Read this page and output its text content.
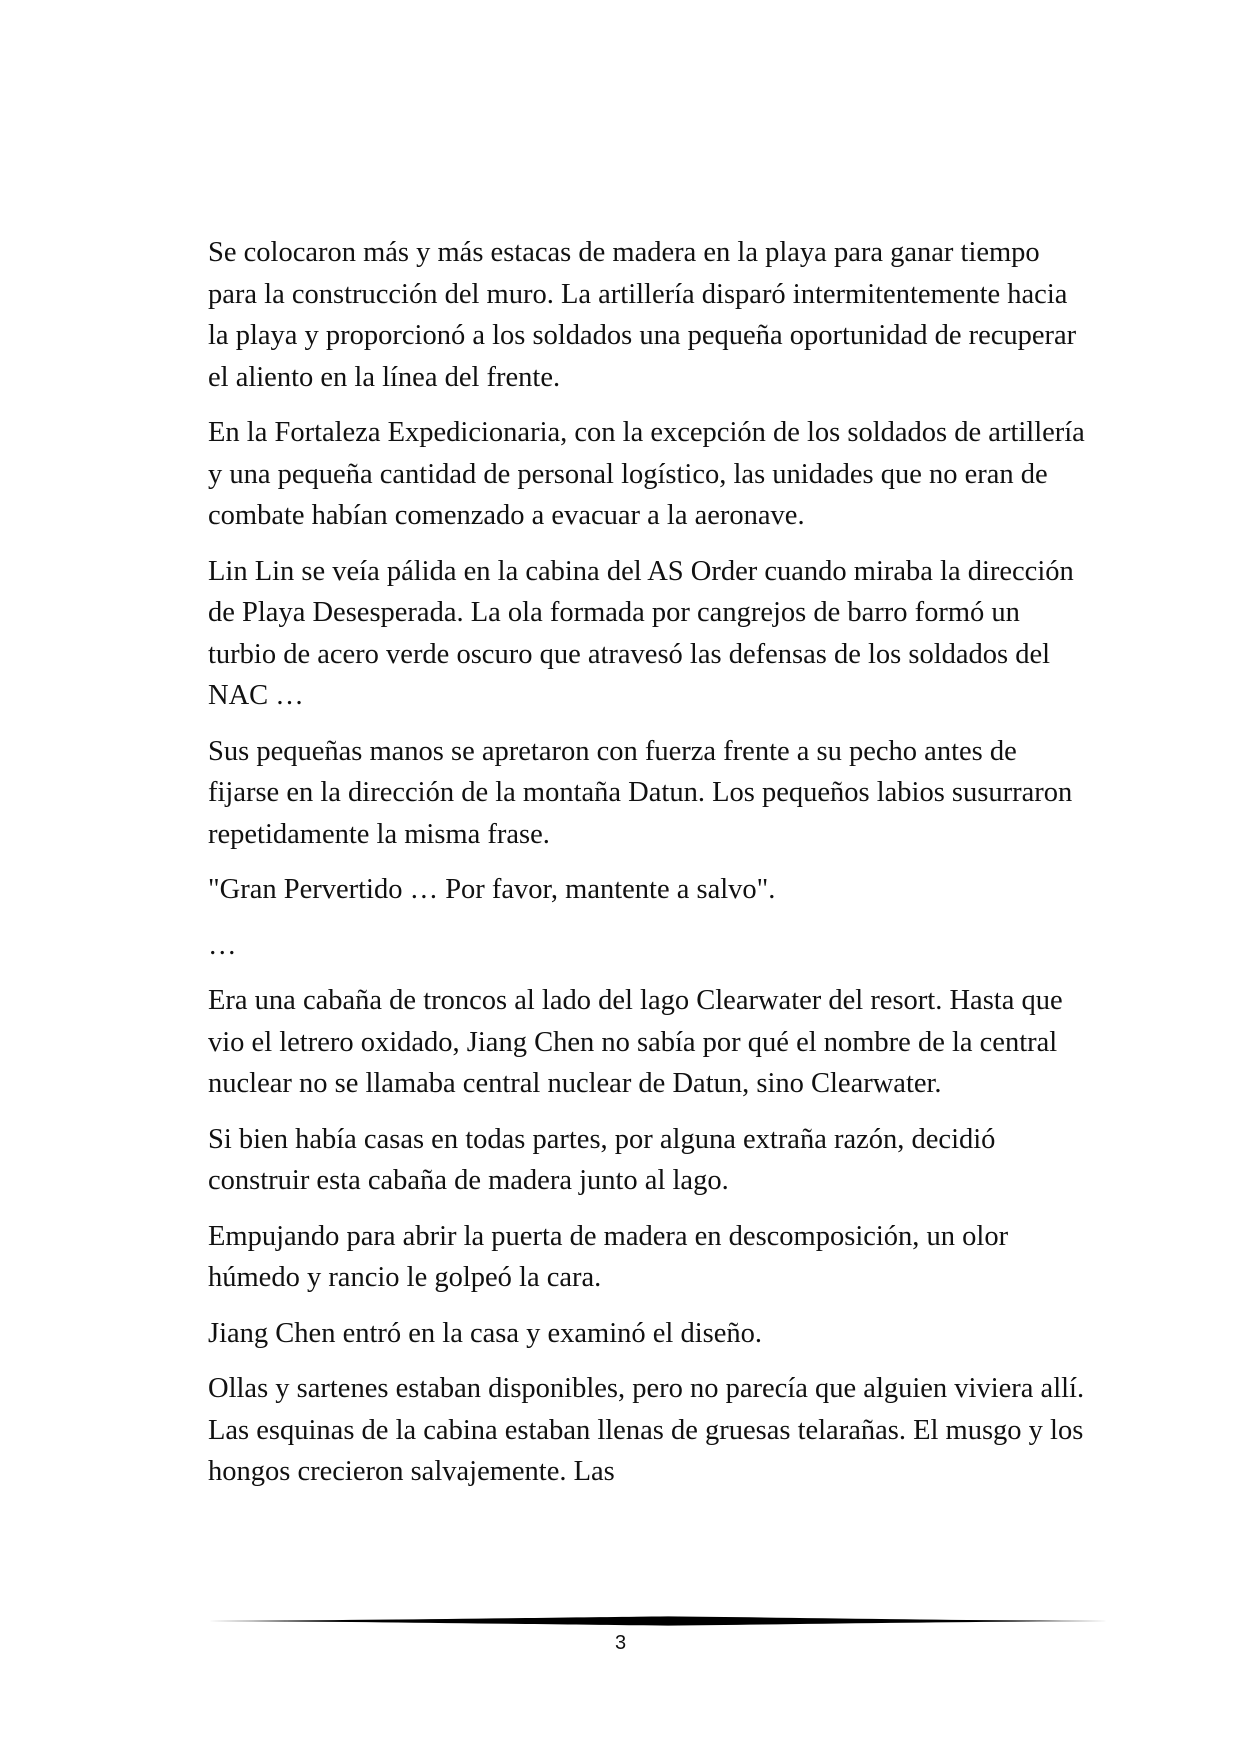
Se colocaron más y más estacas de madera en la playa para ganar tiempo para la construcción del muro. La artillería disparó intermitentemente hacia la playa y proporcionó a los soldados una pequeña oportunidad de recuperar el aliento en la línea del frente.

En la Fortaleza Expedicionaria, con la excepción de los soldados de artillería y una pequeña cantidad de personal logístico, las unidades que no eran de combate habían comenzado a evacuar a la aeronave.

Lin Lin se veía pálida en la cabina del AS Order cuando miraba la dirección de Playa Desesperada. La ola formada por cangrejos de barro formó un turbio de acero verde oscuro que atravesó las defensas de los soldados del NAC …

Sus pequeñas manos se apretaron con fuerza frente a su pecho antes de fijarse en la dirección de la montaña Datun. Los pequeños labios susurraron repetidamente la misma frase.

"Gran Pervertido … Por favor, mantente a salvo".

…

Era una cabaña de troncos al lado del lago Clearwater del resort. Hasta que vio el letrero oxidado, Jiang Chen no sabía por qué el nombre de la central nuclear no se llamaba central nuclear de Datun, sino Clearwater.

Si bien había casas en todas partes, por alguna extraña razón, decidió construir esta cabaña de madera junto al lago.

Empujando para abrir la puerta de madera en descomposición, un olor húmedo y rancio le golpeó la cara.

Jiang Chen entró en la casa y examinó el diseño.

Ollas y sartenes estaban disponibles, pero no parecía que alguien viviera allí. Las esquinas de la cabina estaban llenas de gruesas telarañas. El musgo y los hongos crecieron salvajemente. Las

3
